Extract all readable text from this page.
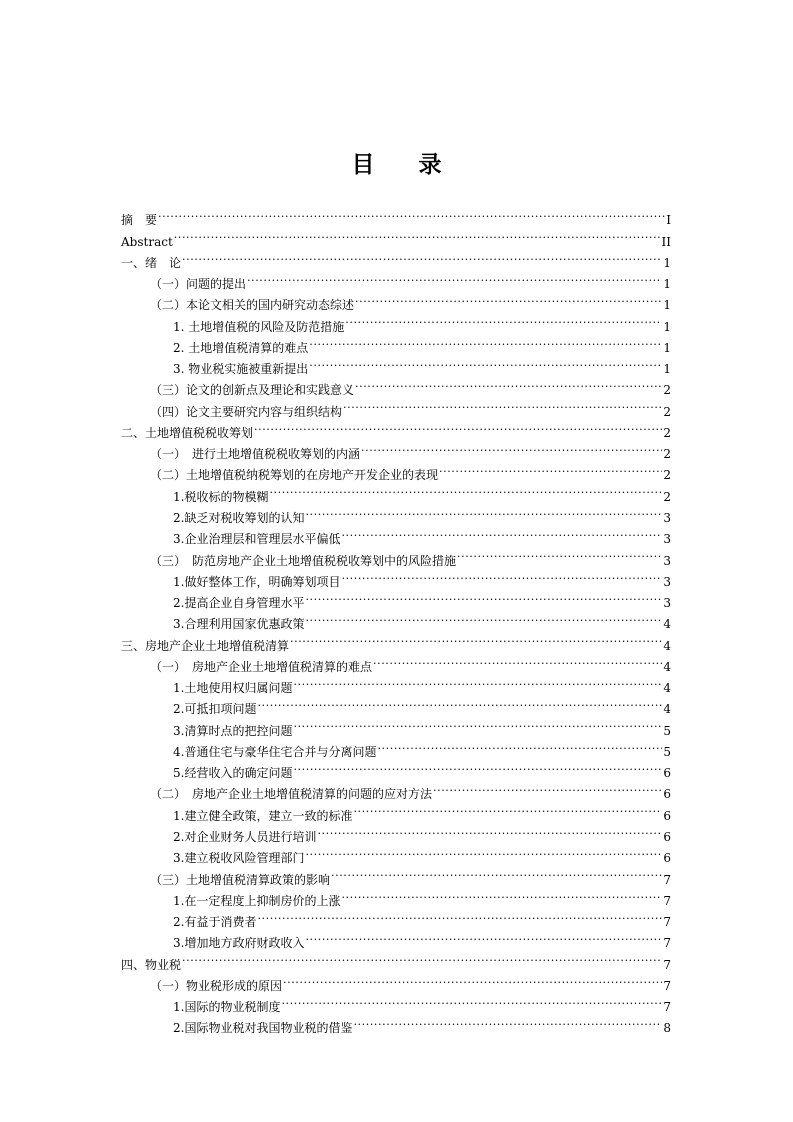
目 录
摘　要 .....	I
Abstract .....	II
一、绪　论 .....	1
（一）问题的提出 .....	1
（二）本论文相关的国内研究动态综述 .....	1
1. 土地增值税的风险及防范措施 .....	1
2. 土地增值税清算的难点 .....	1
3. 物业税实施被重新提出 .....	1
（三）论文的创新点及理论和实践意义 .....	2
（四）论文主要研究内容与组织结构 .....	2
二、土地增值税税收筹划 .....	2
（一）　进行土地增值税税收筹划的内涵 .....	2
（二）土地增值税纳税筹划的在房地产开发企业的表现 .....	2
1.税收标的物模糊 .....	2
2.缺乏对税收筹划的认知 .....	3
3.企业治理层和管理层水平偏低 .....	3
（三）　防范房地产企业土地增值税税收筹划中的风险措施 .....	3
1.做好整体工作，明确筹划项目 .....	3
2.提高企业自身管理水平 .....	3
3.合理利用国家优惠政策 .....	4
三、房地产企业土地增值税清算 .....	4
（一）　房地产企业土地增值税清算的难点 .....	4
1.土地使用权归属问题 .....	4
2.可抵扣项问题 .....	4
3.清算时点的把控问题 .....	5
4.普通住宅与豪华住宅合并与分离问题 .....	5
5.经营收入的确定问题 .....	6
（二）　房地产企业土地增值税清算的问题的应对方法 .....	6
1.建立健全政策，建立一致的标准 .....	6
2.对企业财务人员进行培训 .....	6
3.建立税收风险管理部门 .....	6
（三）土地增值税清算政策的影响 .....	7
1.在一定程度上抑制房价的上涨 .....	7
2.有益于消费者 .....	7
3.增加地方政府财政收入 .....	7
四、物业税 .....	7
（一）物业税形成的原因 .....	7
1.国际的物业税制度 .....	7
2.国际物业税对我国物业税的借鉴 .....	8
